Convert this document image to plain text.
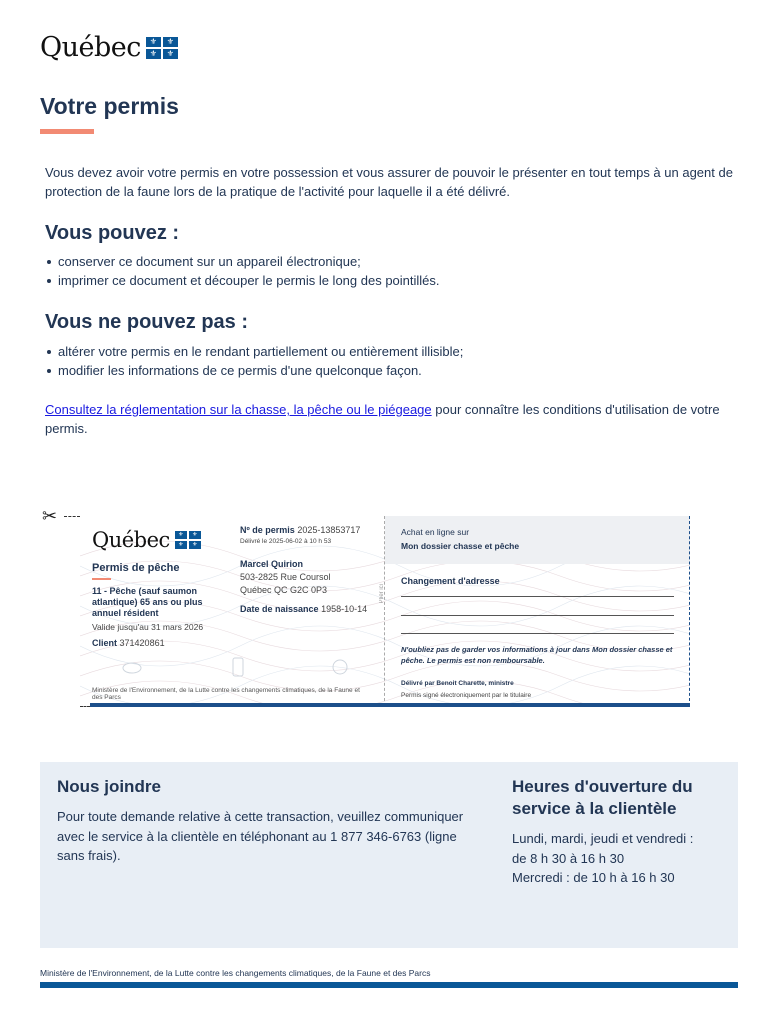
Québec	⚜	⚜
⚜	⚜
Votre permis

Vous devez avoir votre permis en votre possession et vous assurer de pouvoir le présenter en tout temps à un agent de protection de la faune lors de la pratique de l'activité pour laquelle il a été délivré.

Vous pouvez :
conserver ce document sur un appareil électronique;
imprimer ce document et découper le permis le long des pointillés.
Vous ne pouvez pas :
altérer votre permis en le rendant partiellement ou entièrement illisible;
modifier les informations de ce permis d'une quelconque façon.

Consultez la réglementation sur la chasse, la pêche ou le piégeage pour connaître les conditions d'utilisation de votre permis.

✂
Québec	⚜	⚜
⚜	⚜
Permis de pêche
11 - Pêche (sauf saumon atlantique) 65 ans ou plus annuel résident
Valide jusqu'au 31 mars 2026
Client 371420861
Ministère de l'Environnement, de la Lutte contre les changements climatiques, de la Faune et des Parcs
Nº de permis 2025-13853717
Délivré le 2025-06-02 à 10 h 53
Marcel Quirion
503-2825 Rue Coursol
Québec QC G2C 0P3
Date de naissance 1958-10-14
Plier ici
Achat en ligne sur
Mon dossier chasse et pêche
Changement d'adresse
N'oubliez pas de garder vos informations à jour dans Mon dossier chasse et pêche. Le permis est non remboursable.
Délivré par Benoit Charette, ministre
Permis signé électroniquement par le titulaire
Nous joindre

Pour toute demande relative à cette transaction, veuillez communiquer avec le service à la clientèle en téléphonant au 1 877 346-6763 (ligne sans frais).

Heures d'ouverture du service à la clientèle

Lundi, mardi, jeudi et vendredi :
de 8 h 30 à 16 h 30
Mercredi : de 10 h à 16 h 30

Ministère de l'Environnement, de la Lutte contre les changements climatiques, de la Faune et des Parcs
